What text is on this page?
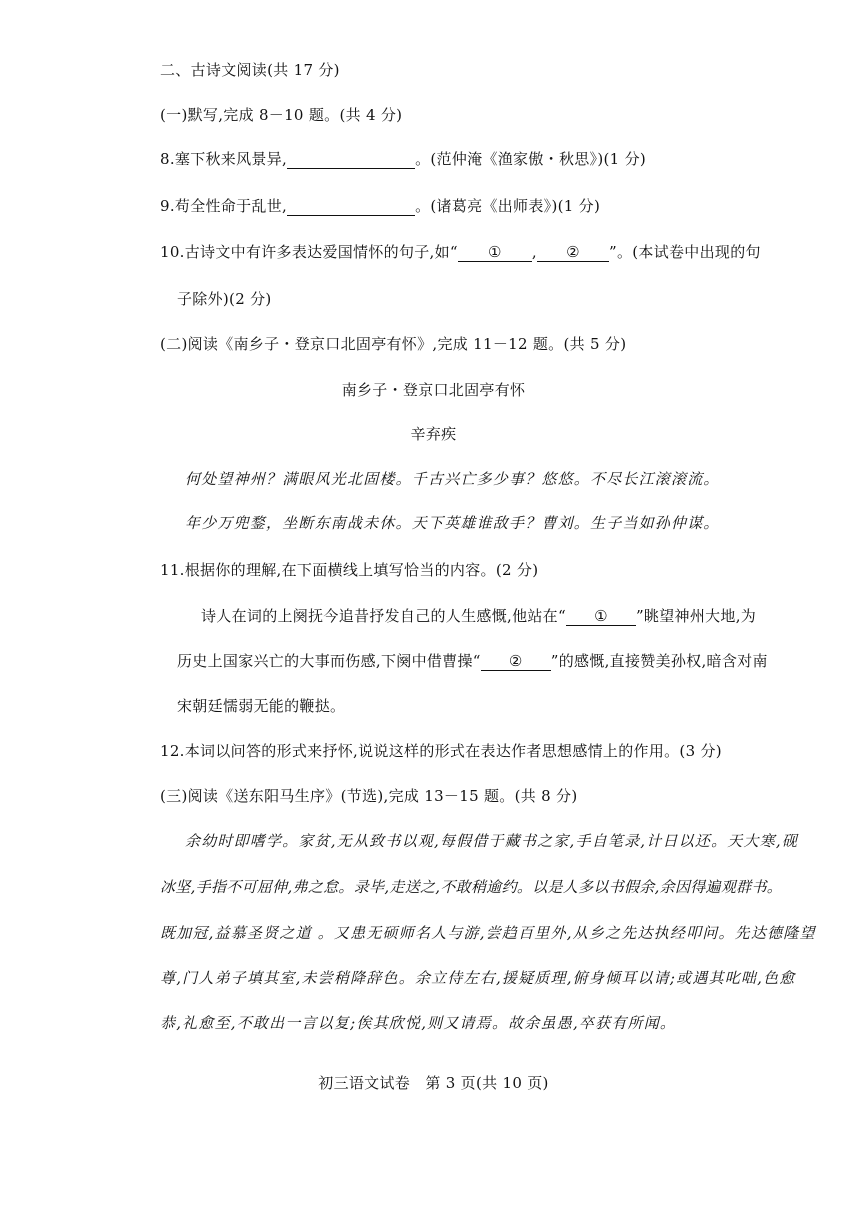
二、古诗文阅读(共 17 分)
(一)默写,完成 8－10 题。(共 4 分)
8.塞下秋来风景异,	。(范仲淹《渔家傲・秋思》)(1 分)
9.苟全性命于乱世,	。(诸葛亮《出师表》)(1 分)
10.古诗文中有许多表达爱国情怀的句子,如“ ① , ② ”。(本试卷中出现的句
子除外)(2 分)
(二)阅读《南乡子・登京口北固亭有怀》,完成 11－12 题。(共 5 分)
南乡子・登京口北固亭有怀
辛弃疾
何处望神州？满眼风光北固楼。千古兴亡多少事？悠悠。不尽长江滚滚流。
年少万兜鍪，坐断东南战未休。天下英雄谁敌手？曹刘。生子当如孙仲谋。
11.根据你的理解,在下面横线上填写恰当的内容。(2 分)
诗人在词的上阕抚今追昔抒发自己的人生感慨,他站在“ ① ”眺望神州大地,为
历史上国家兴亡的大事而伤感,下阕中借曹操“ ② ”的感慨,直接赞美孙权,暗含对南
宋朝廷懦弱无能的鞭挞。
12.本词以问答的形式来抒怀,说说这样的形式在表达作者思想感情上的作用。(3 分)
(三)阅读《送东阳马生序》(节选),完成 13－15 题。(共 8 分)
余幼时即嗜学。家贫,无从致书以观,每假借于藏书之家,手自笔录,计日以还。天大寒,砚
冰坚,手指不可屈伸,弗之怠。录毕,走送之,不敢稍逾约。以是人多以书假余,余因得遍观群书。
既加冠,益慕圣贤之道 。又患无硕师名人与游,尝趋百里外,从乡之先达执经叩问。先达德隆望
尊,门人弟子填其室,未尝稍降辞色。余立侍左右,援疑质理,俯身倾耳以请;或遇其叱咄,色愈
恭,礼愈至,不敢出一言以复;俟其欣悦,则又请焉。故余虽愚,卒获有所闻。
初三语文试卷　第 3 页(共 10 页)
